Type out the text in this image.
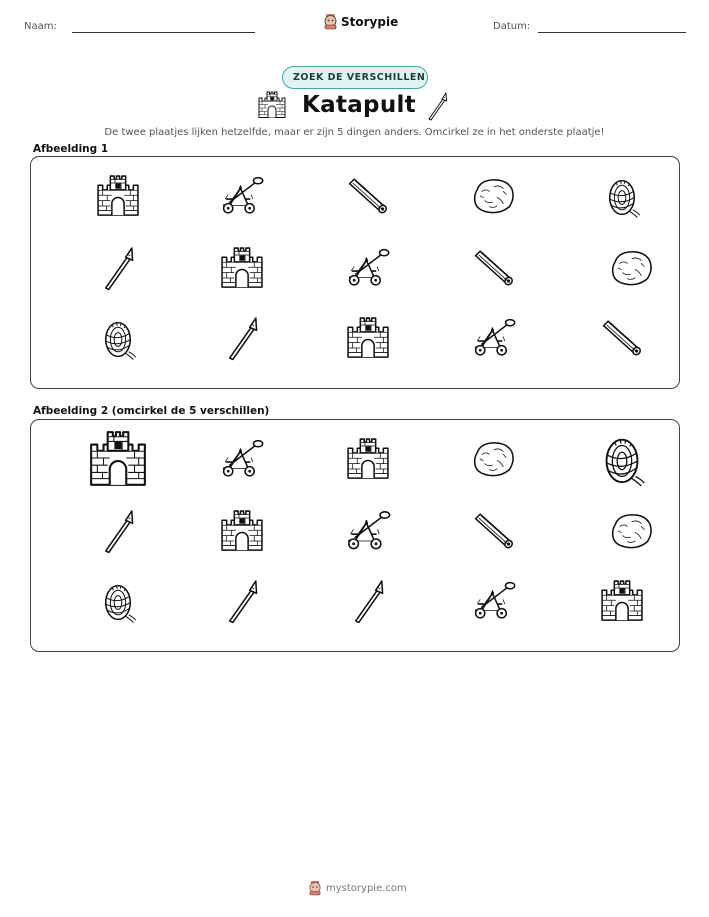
Naam:	Storypie	Datum:
ZOEK DE VERSCHILLEN
Katapult
De twee plaatjes lijken hetzelfde, maar er zijn 5 dingen anders. Omcirkel ze in het onderste plaatje!
Afbeelding 1
Afbeelding 2 (omcirkel de 5 verschillen)
mystorypie.com
